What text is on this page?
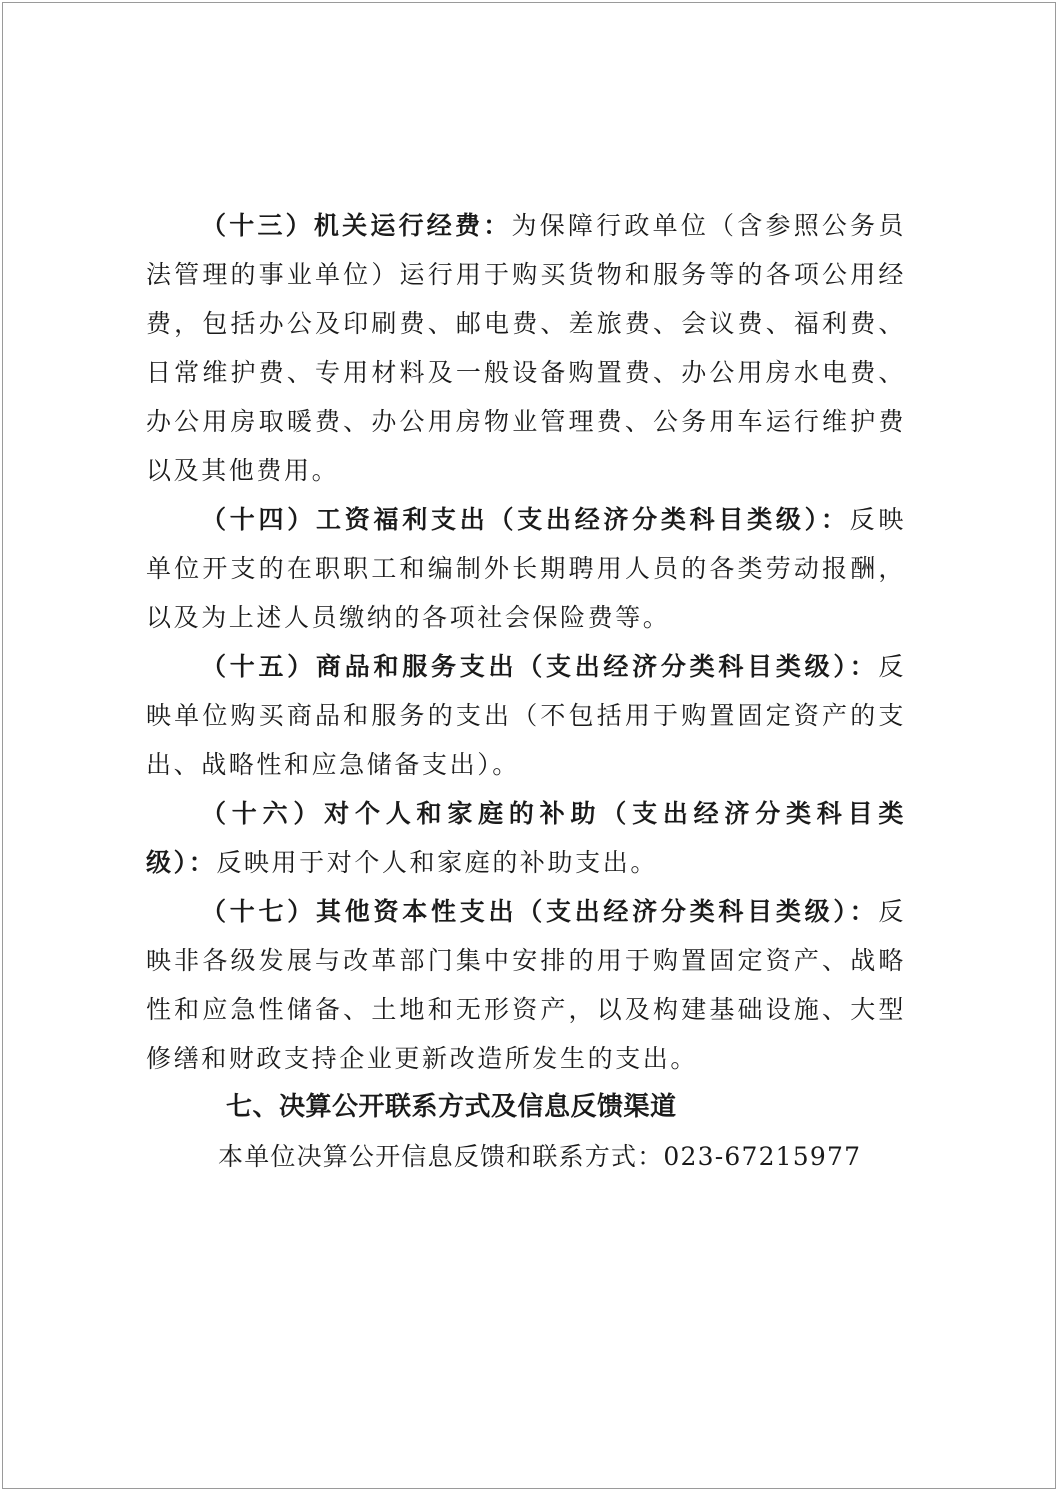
（十三）机关运行经费：为保障行政单位（含参照公务员法管理的事业单位）运行用于购买货物和服务等的各项公用经费，包括办公及印刷费、邮电费、差旅费、会议费、福利费、日常维护费、专用材料及一般设备购置费、办公用房水电费、办公用房取暖费、办公用房物业管理费、公务用车运行维护费以及其他费用。

（十四）工资福利支出（支出经济分类科目类级）：反映单位开支的在职职工和编制外长期聘用人员的各类劳动报酬，以及为上述人员缴纳的各项社会保险费等。

（十五）商品和服务支出（支出经济分类科目类级）：反映单位购买商品和服务的支出（不包括用于购置固定资产的支出、战略性和应急储备支出）。

（十六）对个人和家庭的补助（支出经济分类科目类级）：反映用于对个人和家庭的补助支出。

（十七）其他资本性支出（支出经济分类科目类级）：反映非各级发展与改革部门集中安排的用于购置固定资产、战略性和应急性储备、土地和无形资产，以及构建基础设施、大型修缮和财政支持企业更新改造所发生的支出。

七、决算公开联系方式及信息反馈渠道

本单位决算公开信息反馈和联系方式：023-67215977
